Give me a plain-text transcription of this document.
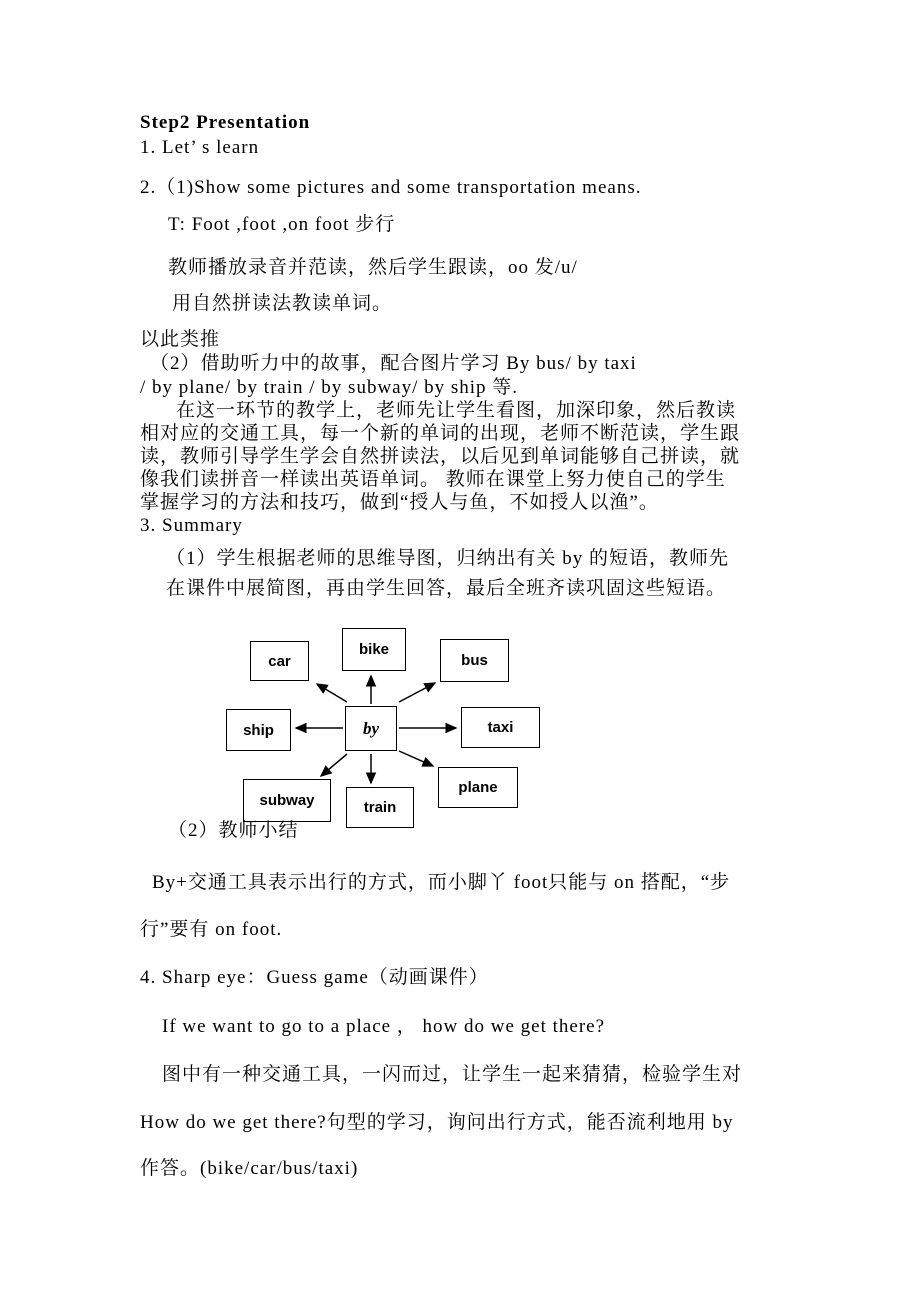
Step2 Presentation
1. Let’ s learn
2.（1)Show some pictures and some transportation means.
T: Foot ,foot ,on foot 步行
教师播放录音并范读，然后学生跟读，oo 发/u/
用自然拼读法教读单词。
以此类推
（2）借助听力中的故事，配合图片学习 By bus/ by taxi
/ by plane/ by train / by subway/ by ship 等.
在这一环节的教学上，老师先让学生看图，加深印象，然后教读
相对应的交通工具，每一个新的单词的出现，老师不断范读，学生跟
读，教师引导学生学会自然拼读法，以后见到单词能够自己拼读，就
像我们读拼音一样读出英语单词。 教师在课堂上努力使自己的学生
掌握学习的方法和技巧，做到“授人与鱼，不如授人以渔”。
3. Summary
（1）学生根据老师的思维导图，归纳出有关 by 的短语，教师先
在课件中展简图，再由学生回答，最后全班齐读巩固这些短语。
car
bike
bus
ship	by	taxi
subway	train
plane
（2）教师小结
By+交通工具表示出行的方式，而小脚丫 foot只能与 on 搭配，“步
行”要有 on foot.
4. Sharp eye：Guess game（动画课件）
If we want to go to a place ， how do we get there?
图中有一种交通工具，一闪而过，让学生一起来猜猜，检验学生对
How do we get there?句型的学习，询问出行方式，能否流利地用 by
作答。(bike/car/bus/taxi)
